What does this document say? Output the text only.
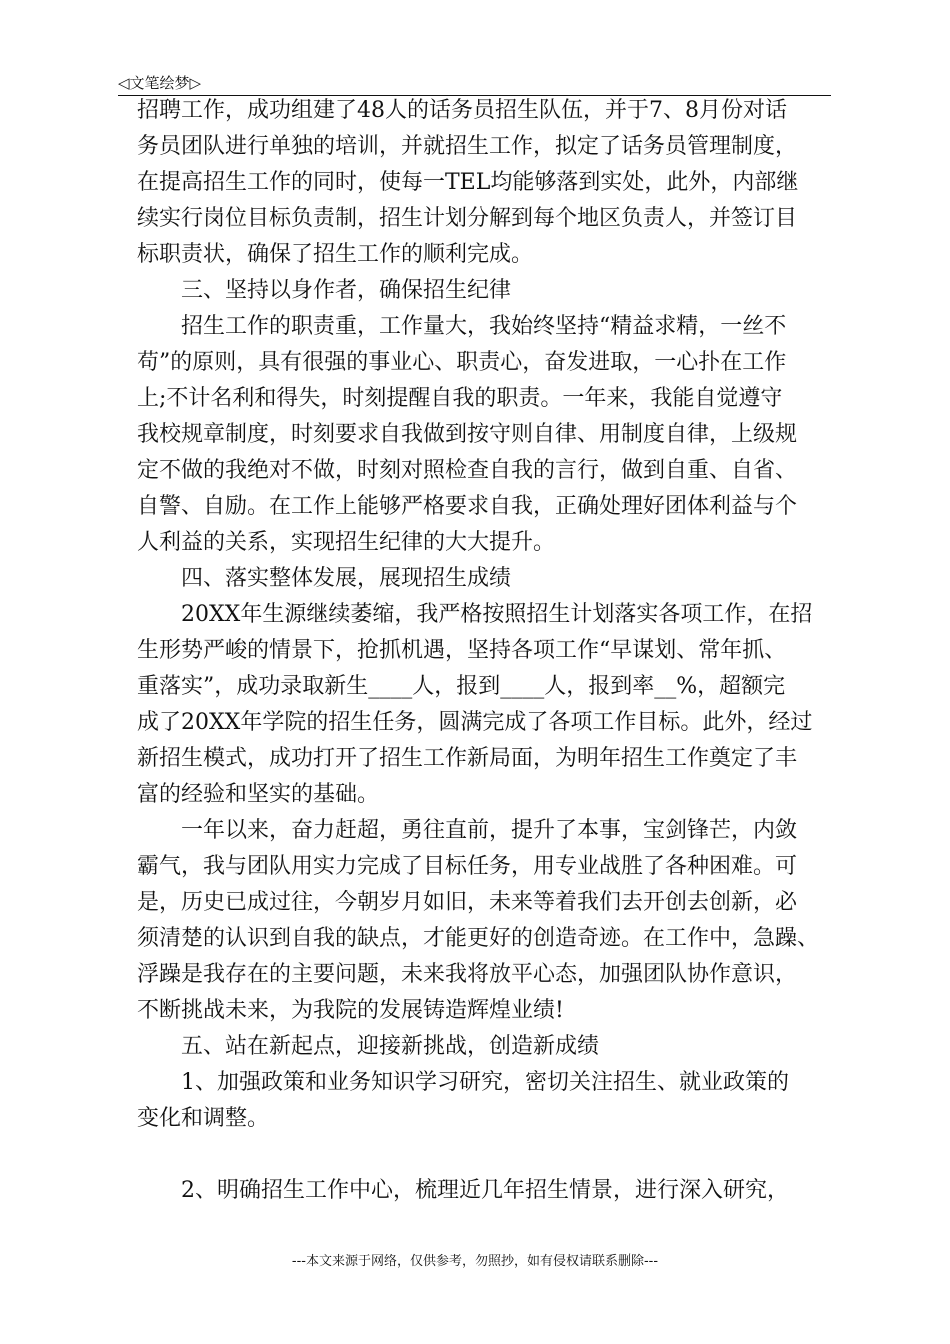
◁文笔绘梦▷
招聘工作，成功组建了48人的话务员招生队伍，并于7、8月份对话
务员团队进行单独的培训，并就招生工作，拟定了话务员管理制度，
在提高招生工作的同时，使每一TEL均能够落到实处，此外，内部继
续实行岗位目标负责制，招生计划分解到每个地区负责人，并签订目
标职责状，确保了招生工作的顺利完成。
　　三、坚持以身作者，确保招生纪律
　　招生工作的职责重，工作量大，我始终坚持“精益求精，一丝不
苟”的原则，具有很强的事业心、职责心，奋发进取，一心扑在工作
上;不计名利和得失，时刻提醒自我的职责。一年来，我能自觉遵守
我校规章制度，时刻要求自我做到按守则自律、用制度自律，上级规
定不做的我绝对不做，时刻对照检查自我的言行，做到自重、自省、
自警、自励。在工作上能够严格要求自我，正确处理好团体利益与个
人利益的关系，实现招生纪律的大大提升。
　　四、落实整体发展，展现招生成绩
　　20XX年生源继续萎缩，我严格按照招生计划落实各项工作，在招
生形势严峻的情景下，抢抓机遇，坚持各项工作“早谋划、常年抓、
重落实”，成功录取新生____人，报到____人，报到率__%，超额完
成了20XX年学院的招生任务，圆满完成了各项工作目标。此外，经过
新招生模式，成功打开了招生工作新局面，为明年招生工作奠定了丰
富的经验和坚实的基础。
　　一年以来，奋力赶超，勇往直前，提升了本事，宝剑锋芒，内敛
霸气，我与团队用实力完成了目标任务，用专业战胜了各种困难。可
是，历史已成过往，今朝岁月如旧，未来等着我们去开创去创新，必
须清楚的认识到自我的缺点，才能更好的创造奇迹。在工作中，急躁、
浮躁是我存在的主要问题，未来我将放平心态，加强团队协作意识，
不断挑战未来，为我院的发展铸造辉煌业绩!
　　五、站在新起点，迎接新挑战，创造新成绩
　　1、加强政策和业务知识学习研究，密切关注招生、就业政策的
变化和调整。
　　2、明确招生工作中心，梳理近几年招生情景，进行深入研究，
---本文来源于网络，仅供参考，勿照抄，如有侵权请联系删除---
